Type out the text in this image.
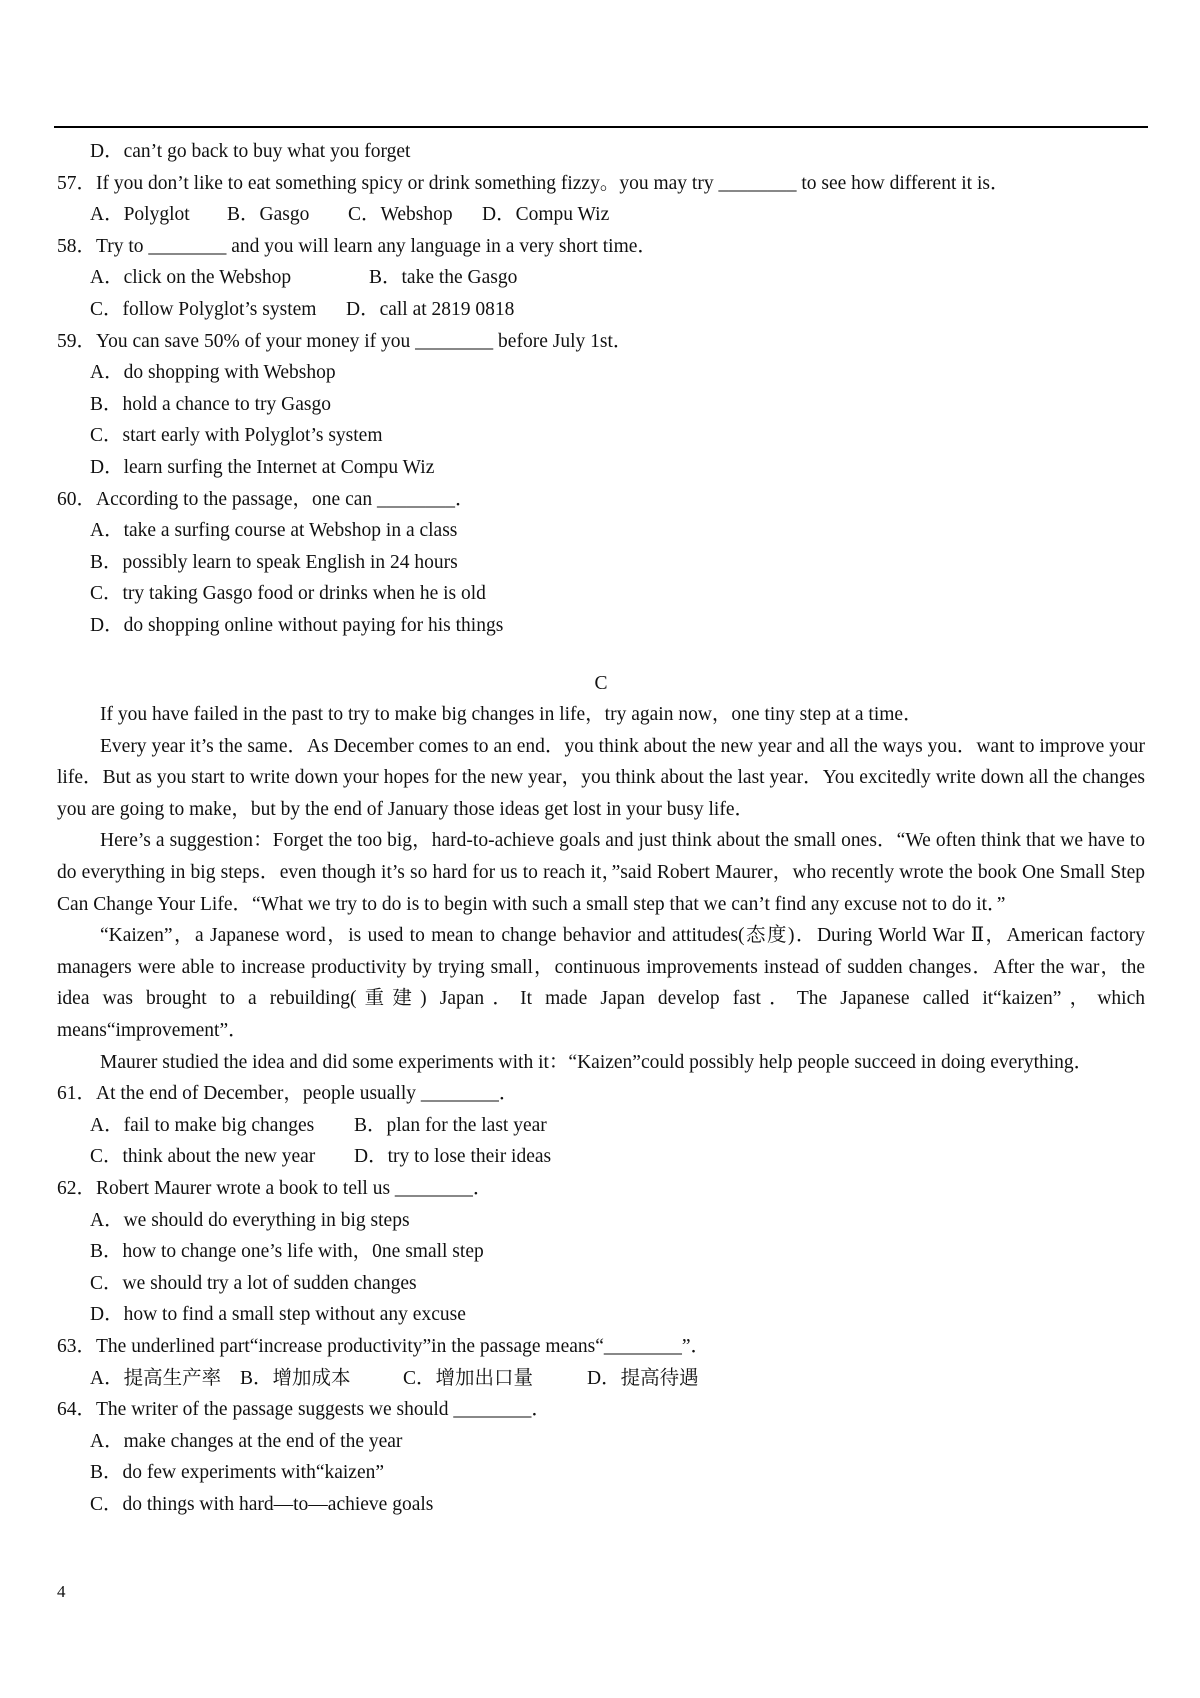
D．can’t go back to buy what you forget
57．If you don’t like to eat something spicy or drink something fizzy。you may try ________ to see how different it is．
A．Polyglot B．Gasgo C．Webshop D．Compu Wiz
58．Try to ________ and you will learn any language in a very short time．
A．click on the Webshop	B．take the Gasgo
C．follow Polyglot’s system D．call at 2819 0818
59．You can save 50% of your money if you ________ before July 1st．
A．do shopping with Webshop
B．hold a chance to try Gasgo
C．start early with Polyglot’s system
D．learn surfing the Internet at Compu Wiz
60．According to the passage，one can ________．
A．take a surfing course at Webshop in a class
B．possibly learn to speak English in 24 hours
C．try taking Gasgo food or drinks when he is old
D．do shopping online without paying for his things
C

If you have failed in the past to try to make big changes in life，try again now，one tiny step at a time．

Every year it’s the same．As December comes to an end．you think about the new year and all the ways you．want to improve your life．But as you start to write down your hopes for the new year，you think about the last year．You excitedly write down all the changes you are going to make，but by the end of January those ideas get lost in your busy life．

Here’s a suggestion：Forget the too big，hard-to-achieve goals and just think about the small ones．“We often think that we have to do everything in big steps．even though it’s so hard for us to reach it，”said Robert Maurer，who recently wrote the book One Small Step Can Change Your Life．“What we try to do is to begin with such a small step that we can’t find any excuse not to do it．”

“Kaizen”，a Japanese word，is used to mean to change behavior and attitudes(态度)．During World War Ⅱ，American factory managers were able to increase productivity by trying small，continuous improvements instead of sudden changes．After the war，the idea was brought to a rebuilding(重建) Japan．It made Japan develop fast．The Japanese called it“kaizen”，which means“improvement”．

Maurer studied the idea and did some experiments with it：“Kaizen”could possibly help people succeed in doing everything．

61．At the end of December，people usually ________．
A．fail to make big changes B．plan for the last year
C．think about the new year D．try to lose their ideas
62．Robert Maurer wrote a book to tell us ________．
A．we should do everything in big steps
B．how to change one’s life with，0ne small step
C．we should try a lot of sudden changes
D．how to find a small step without any excuse
63．The underlined part“increase productivity”in the passage means“________”．
A．提高生产率 B．增加成本	C．增加出口量	D．提高待遇
64．The writer of the passage suggests we should ________．
A．make changes at the end of the year
B．do few experiments with“kaizen”
C．do things with hard—to—achieve goals
4
